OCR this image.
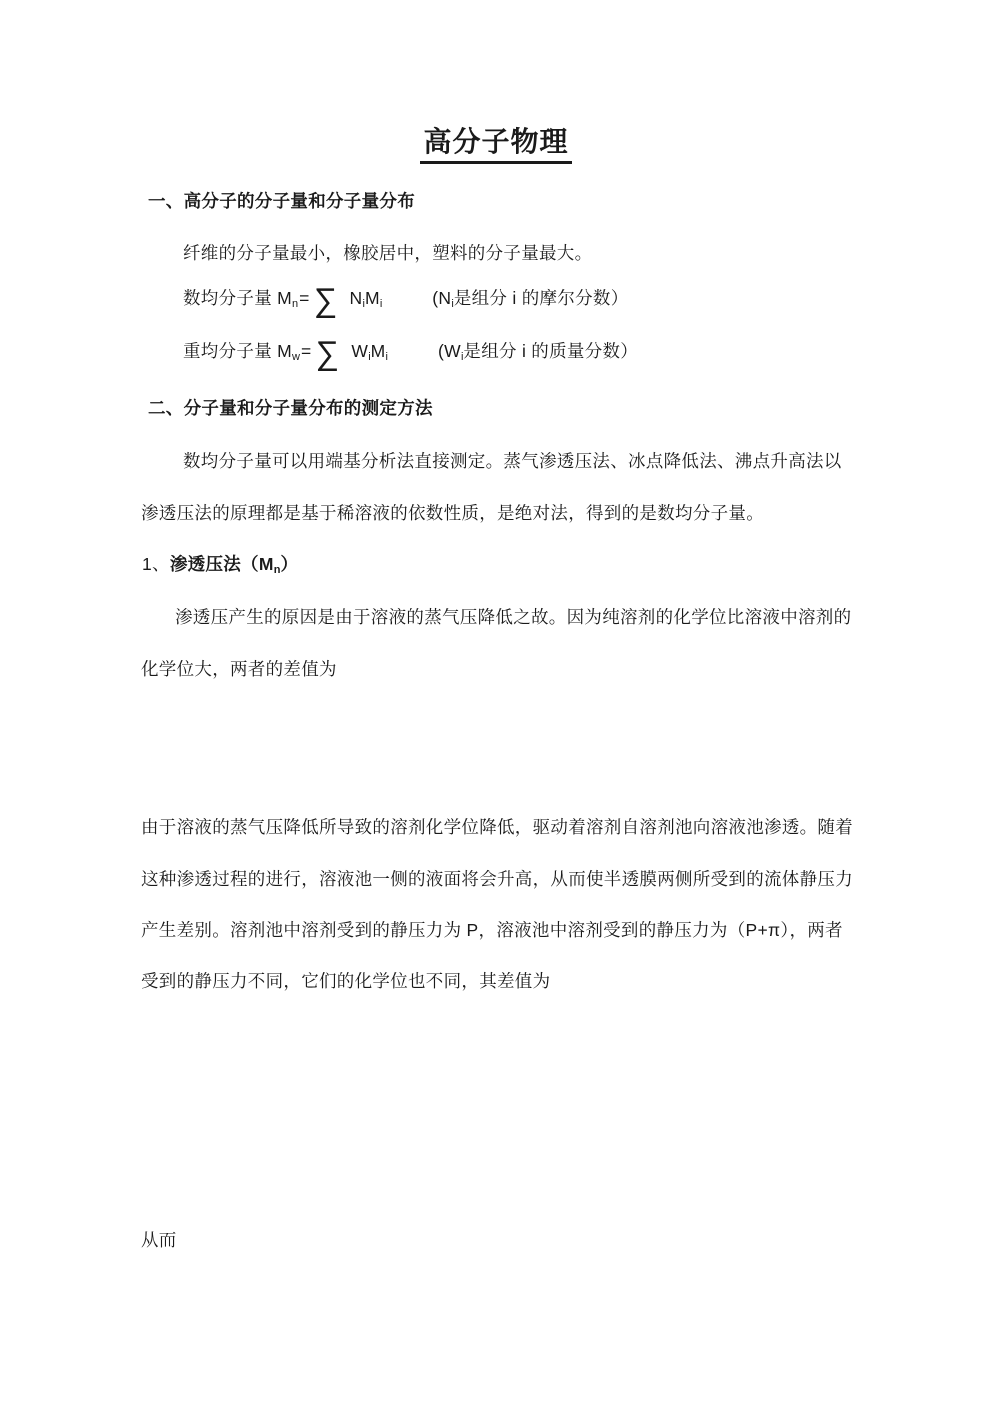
高分子物理
一、高分子的分子量和分子量分布
纤维的分子量最小，橡胶居中，塑料的分子量最大。
数均分子量 $M_n=$ ∑ $N_iM_i$	($N_i$是组分 i 的摩尔分数）
重均分子量 $M_w=$ ∑ $W_iM_i$	($W_i$是组分 i 的质量分数）
二、分子量和分子量分布的测定方法
数均分子量可以用端基分析法直接测定。蒸气渗透压法、冰点降低法、沸点升高法以
渗透压法的原理都是基于稀溶液的依数性质，是绝对法，得到的是数均分子量。
1、渗透压法$(M_n)$
渗透压产生的原因是由于溶液的蒸气压降低之故。因为纯溶剂的化学位比溶液中溶剂的
化学位大，两者的差值为
由于溶液的蒸气压降低所导致的溶剂化学位降低，驱动着溶剂自溶剂池向溶液池渗透。随着
这种渗透过程的进行，溶液池一侧的液面将会升高，从而使半透膜两侧所受到的流体静压力
产生差别。溶剂池中溶剂受到的静压力为 P，溶液池中溶剂受到的静压力为（P+π），两者
受到的静压力不同，它们的化学位也不同，其差值为
从而
